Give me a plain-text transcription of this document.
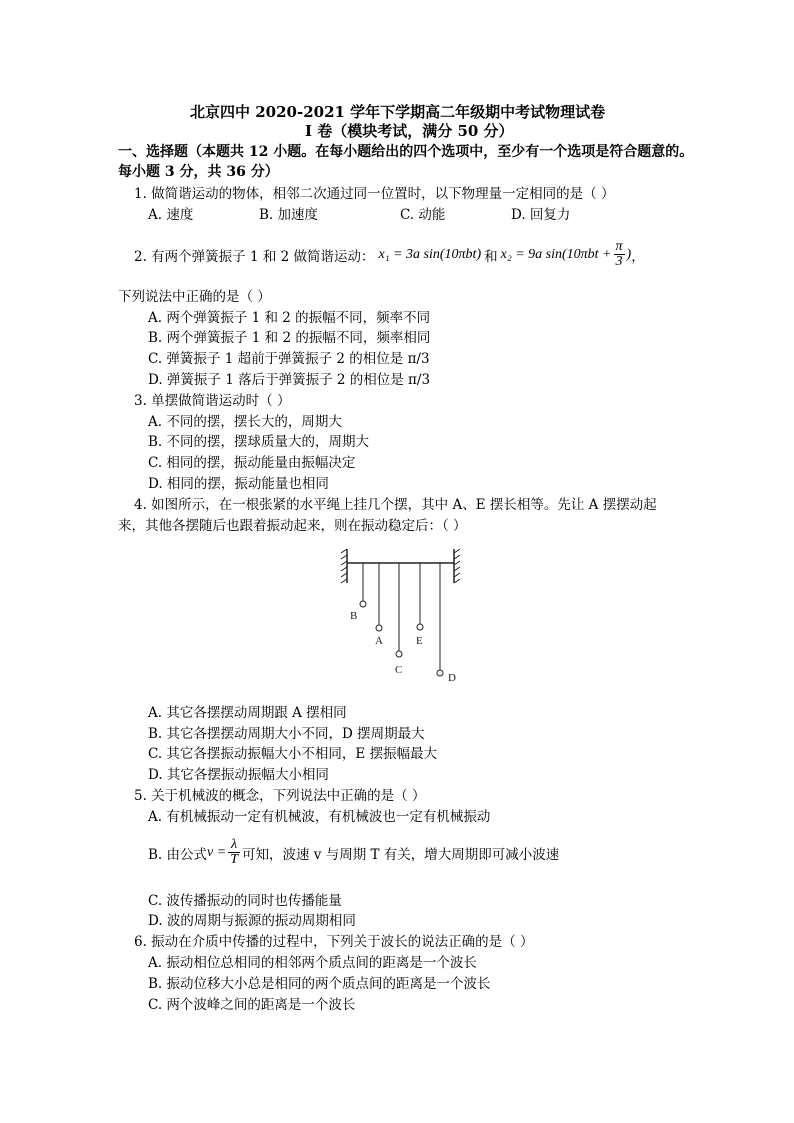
北京四中 2020-2021 学年下学期高二年级期中考试物理试卷
I 卷（模块考试，满分 50 分）
一、选择题（本题共 12 小题。在每小题给出的四个选项中，至少有一个选项是符合题意的。
每小题 3 分，共 36 分）
1. 做简谐运动的物体，相邻二次通过同一位置时，以下物理量一定相同的是（ ）
A. 速度	B. 加速度	C. 动能	D. 回复力
2. 有两个弹簧振子 1 和 2 做简谐运动： x₁ = 3a sin(10πbt) 和 x₂ = 9a $\sin(10\pi bt + \frac{\pi}{3}$ ) ，
下列说法中正确的是（ ）
A. 两个弹簧振子 1 和 2 的振幅不同，频率不同
B. 两个弹簧振子 1 和 2 的振幅不同，频率相同
C. 弹簧振子 1 超前于弹簧振子 2 的相位是 π/3
D. 弹簧振子 1 落后于弹簧振子 2 的相位是 π/3
3. 单摆做简谐运动时（ ）
A. 不同的摆，摆长大的，周期大
B. 不同的摆，摆球质量大的，周期大
C. 相同的摆，振动能量由振幅决定
D. 相同的摆，振动能量也相同
4. 如图所示，在一根张紧的水平绳上挂几个摆，其中 A、E 摆长相等。先让 A 摆摆动起
来，其他各摆随后也跟着振动起来，则在振动稳定后：（ ）
B
A
C
E
D
A. 其它各摆摆动周期跟 A 摆相同
B. 其它各摆摆动周期大小不同，D 摆周期最大
C. 其它各摆振动振幅大小不相同，E 摆振幅最大
D. 其它各摆振动振幅大小相同
5. 关于机械波的概念，下列说法中正确的是（ ）
A. 有机械振动一定有机械波，有机械波也一定有机械振动
B. 由公式 $v = \frac{\lambda}{T}$ 可知，波速 v 与周期 T 有关，增大周期即可减小波速
C. 波传播振动的同时也传播能量
D. 波的周期与振源的振动周期相同
6. 振动在介质中传播的过程中，下列关于波长的说法正确的是（ ）
A. 振动相位总相同的相邻两个质点间的距离是一个波长
B. 振动位移大小总是相同的两个质点间的距离是一个波长
C. 两个波峰之间的距离是一个波长
